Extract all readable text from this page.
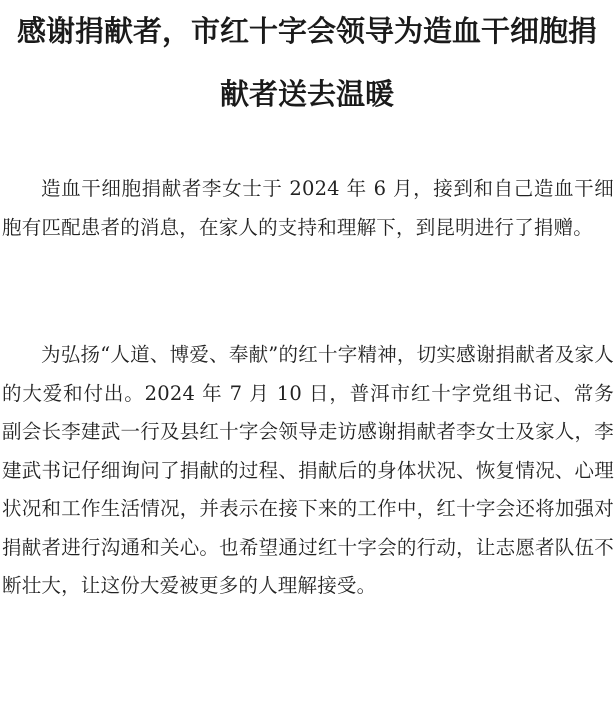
感谢捐献者，市红十字会领导为造血干细胞捐
献者送去温暖

造血干细胞捐献者李女士于 2024 年 6 月，接到和自己造血干细胞有匹配患者的消息，在家人的支持和理解下，到昆明进行了捐赠。

为弘扬“人道、博爱、奉献”的红十字精神，切实感谢捐献者及家人的大爱和付出。2024 年 7 月 10 日，普洱市红十字党组书记、常务副会长李建武一行及县红十字会领导走访感谢捐献者李女士及家人，李建武书记仔细询问了捐献的过程、捐献后的身体状况、恢复情况、心理状况和工作生活情况，并表示在接下来的工作中，红十字会还将加强对捐献者进行沟通和关心。也希望通过红十字会的行动，让志愿者队伍不断壮大，让这份大爱被更多的人理解接受。
